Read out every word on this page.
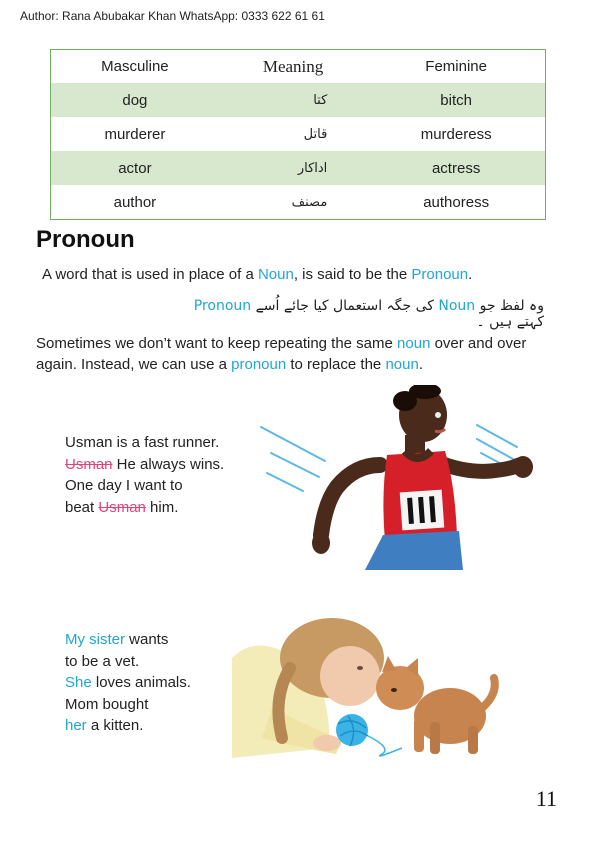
Author: Rana Abubakar Khan WhatsApp: 0333 622 61 61
Masculine	Meaning	Feminine
dog	کتا	bitch
murderer	قاتل	murderess
actor	اداکار	actress
author	مصنف	authoress
Pronoun
A word that is used in place of a Noun, is said to be the Pronoun.
وہ لفظ جو Noun کی جگہ استعمال کیا جائے اُسے Pronoun کہتے ہیں ۔
Sometimes we don’t want to keep repeating the same noun over and over again. Instead, we can use a pronoun to replace the noun.
Usman is a fast runner.
Usman He always wins.
One day I want to
beat Usman him.
My sister wants
to be a vet.
She loves animals.
Mom bought
her a kitten.
11
